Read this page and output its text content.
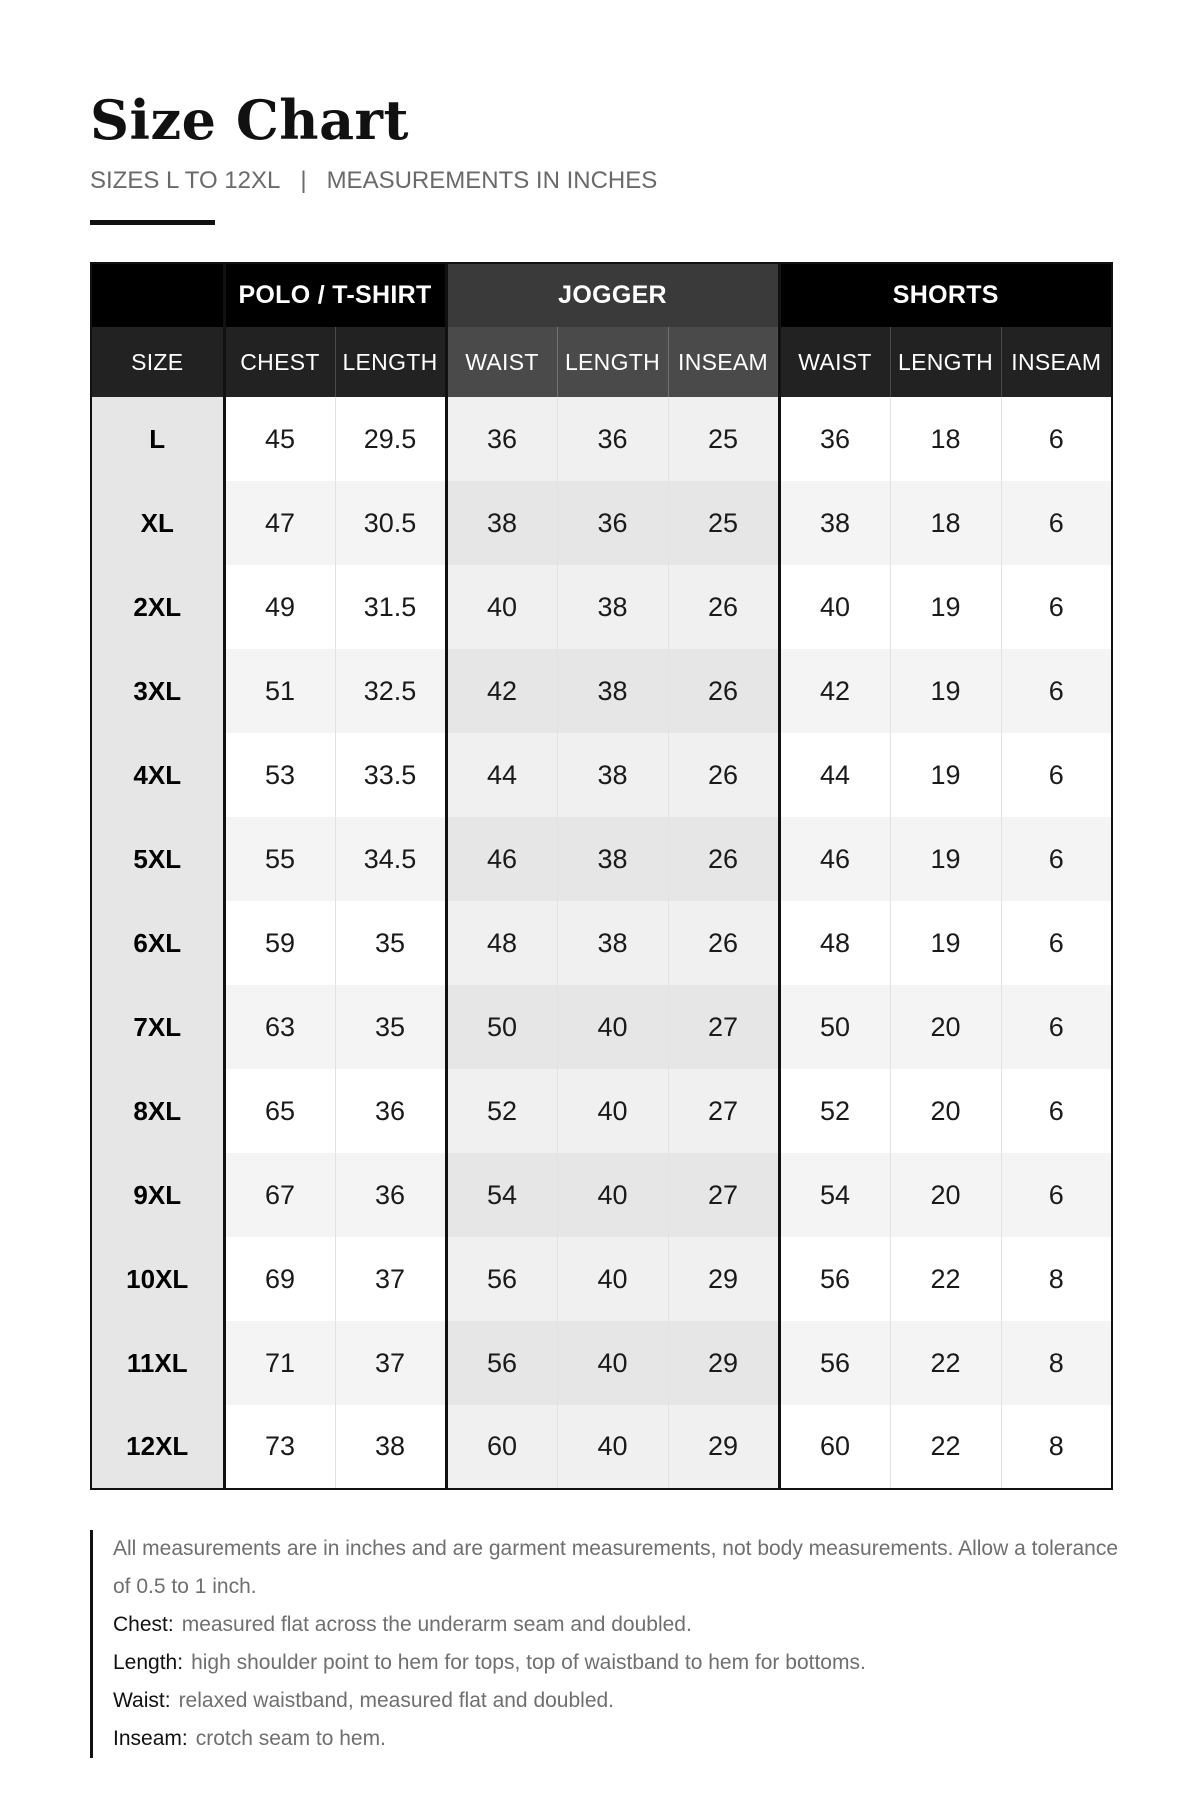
Size Chart
SIZES L TO 12XL | MEASUREMENTS IN INCHES
	POLO / T-SHIRT		JOGGER			SHORTS		
SIZE	CHEST	LENGTH	WAIST	LENGTH	INSEAM	WAIST	LENGTH	INSEAM
L	45	29.5	36	36	25	36	18	6
XL	47	30.5	38	36	25	38	18	6
2XL	49	31.5	40	38	26	40	19	6
3XL	51	32.5	42	38	26	42	19	6
4XL	53	33.5	44	38	26	44	19	6
5XL	55	34.5	46	38	26	46	19	6
6XL	59	35	48	38	26	48	19	6
7XL	63	35	50	40	27	50	20	6
8XL	65	36	52	40	27	52	20	6
9XL	67	36	54	40	27	54	20	6
10XL	69	37	56	40	29	56	22	8
11XL	71	37	56	40	29	56	22	8
12XL	73	38	60	40	29	60	22	8
All measurements are in inches and are garment measurements, not body measurements. Allow a tolerance of 0.5 to 1 inch.
Chest: measured flat across the underarm seam and doubled.
Length: high shoulder point to hem for tops, top of waistband to hem for bottoms.
Waist: relaxed waistband, measured flat and doubled.
Inseam: crotch seam to hem.
